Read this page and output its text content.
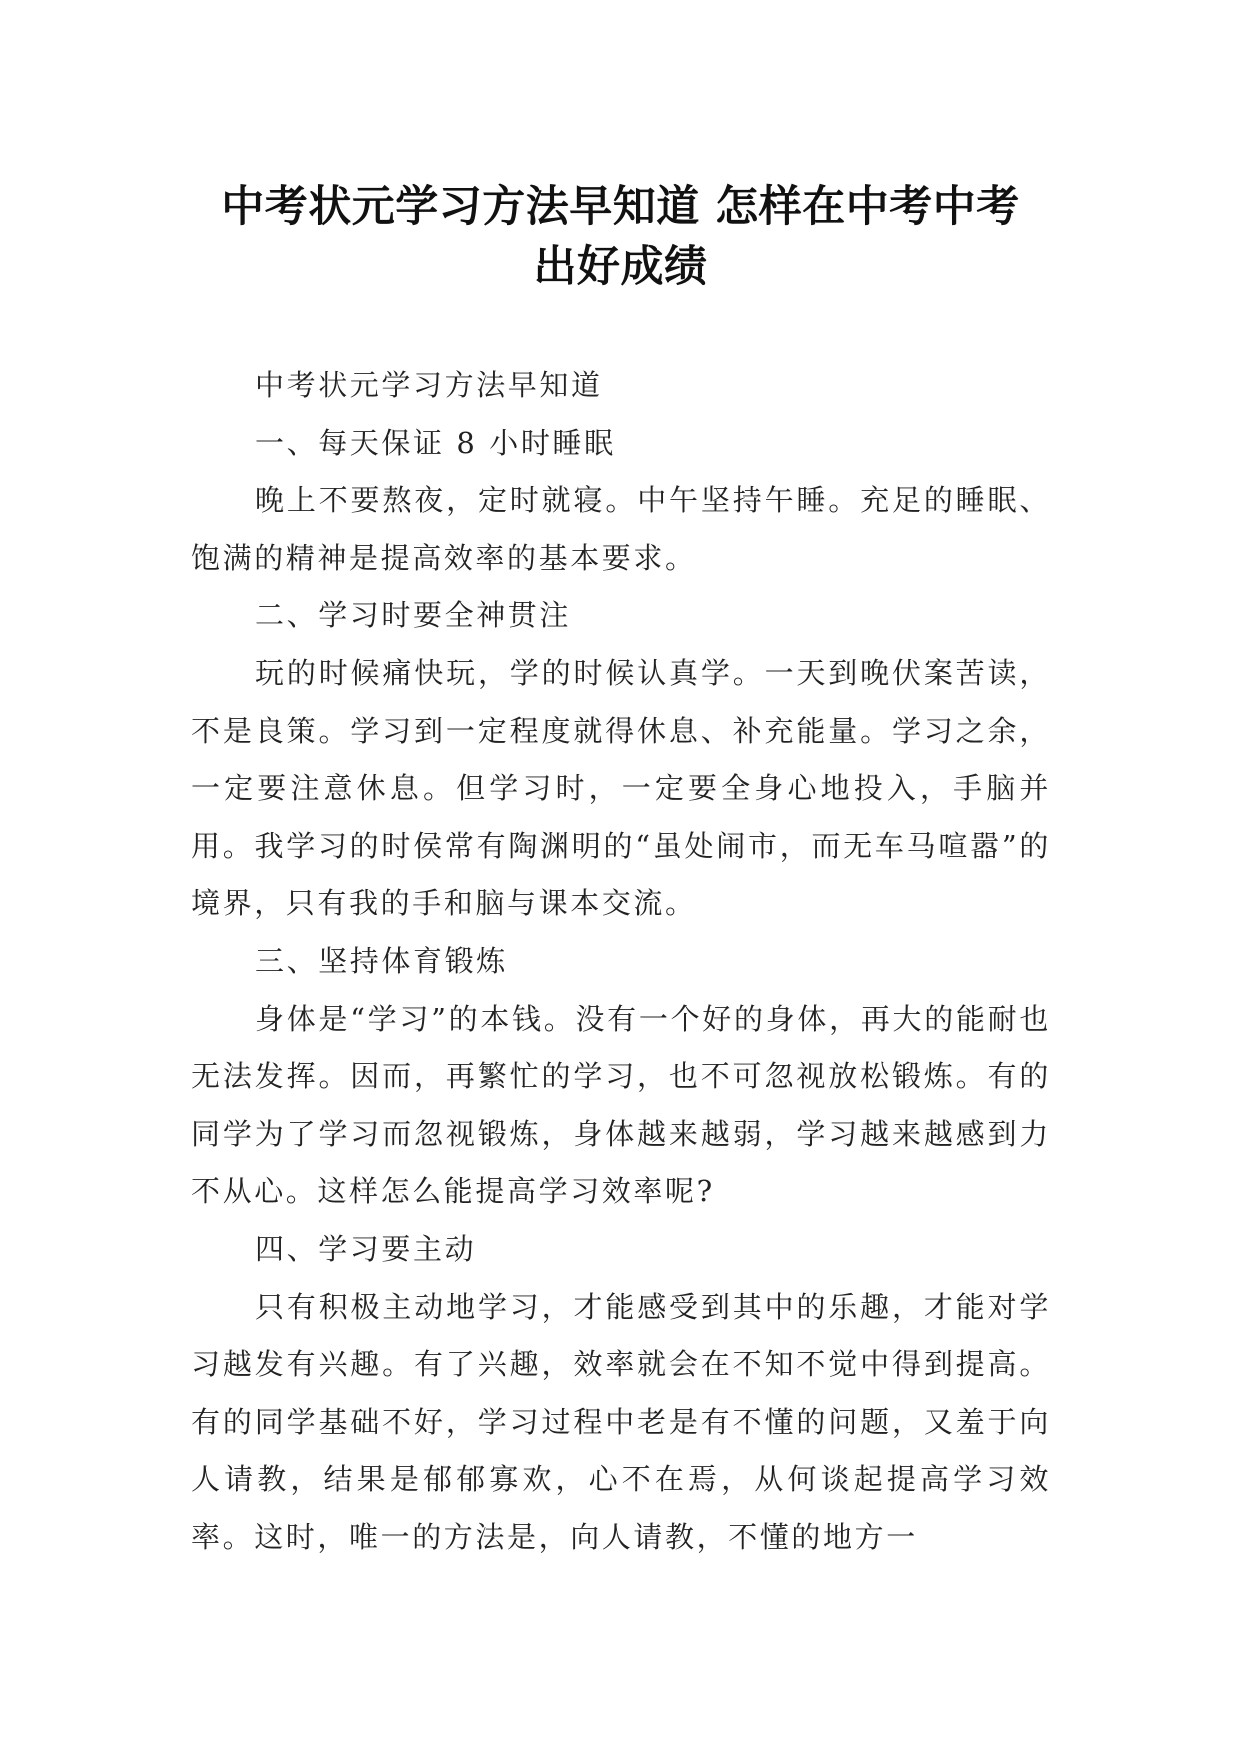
中考状元学习方法早知道 怎样在中考中考
出好成绩

中考状元学习方法早知道

一、每天保证 8 小时睡眠

晚上不要熬夜，定时就寝。中午坚持午睡。充足的睡眠、饱满的精神是提高效率的基本要求。

二、学习时要全神贯注

玩的时候痛快玩，学的时候认真学。一天到晚伏案苦读，不是良策。学习到一定程度就得休息、补充能量。学习之余，一定要注意休息。但学习时，一定要全身心地投入，手脑并用。我学习的时侯常有陶渊明的“虽处闹市，而无车马喧嚣”的境界，只有我的手和脑与课本交流。

三、坚持体育锻炼

身体是“学习”的本钱。没有一个好的身体，再大的能耐也无法发挥。因而，再繁忙的学习，也不可忽视放松锻炼。有的同学为了学习而忽视锻炼，身体越来越弱，学习越来越感到力不从心。这样怎么能提高学习效率呢?

四、学习要主动

只有积极主动地学习，才能感受到其中的乐趣，才能对学习越发有兴趣。有了兴趣，效率就会在不知不觉中得到提高。有的同学基础不好，学习过程中老是有不懂的问题，又羞于向人请教，结果是郁郁寡欢，心不在焉，从何谈起提高学习效率。这时，唯一的方法是，向人请教，不懂的地方一
